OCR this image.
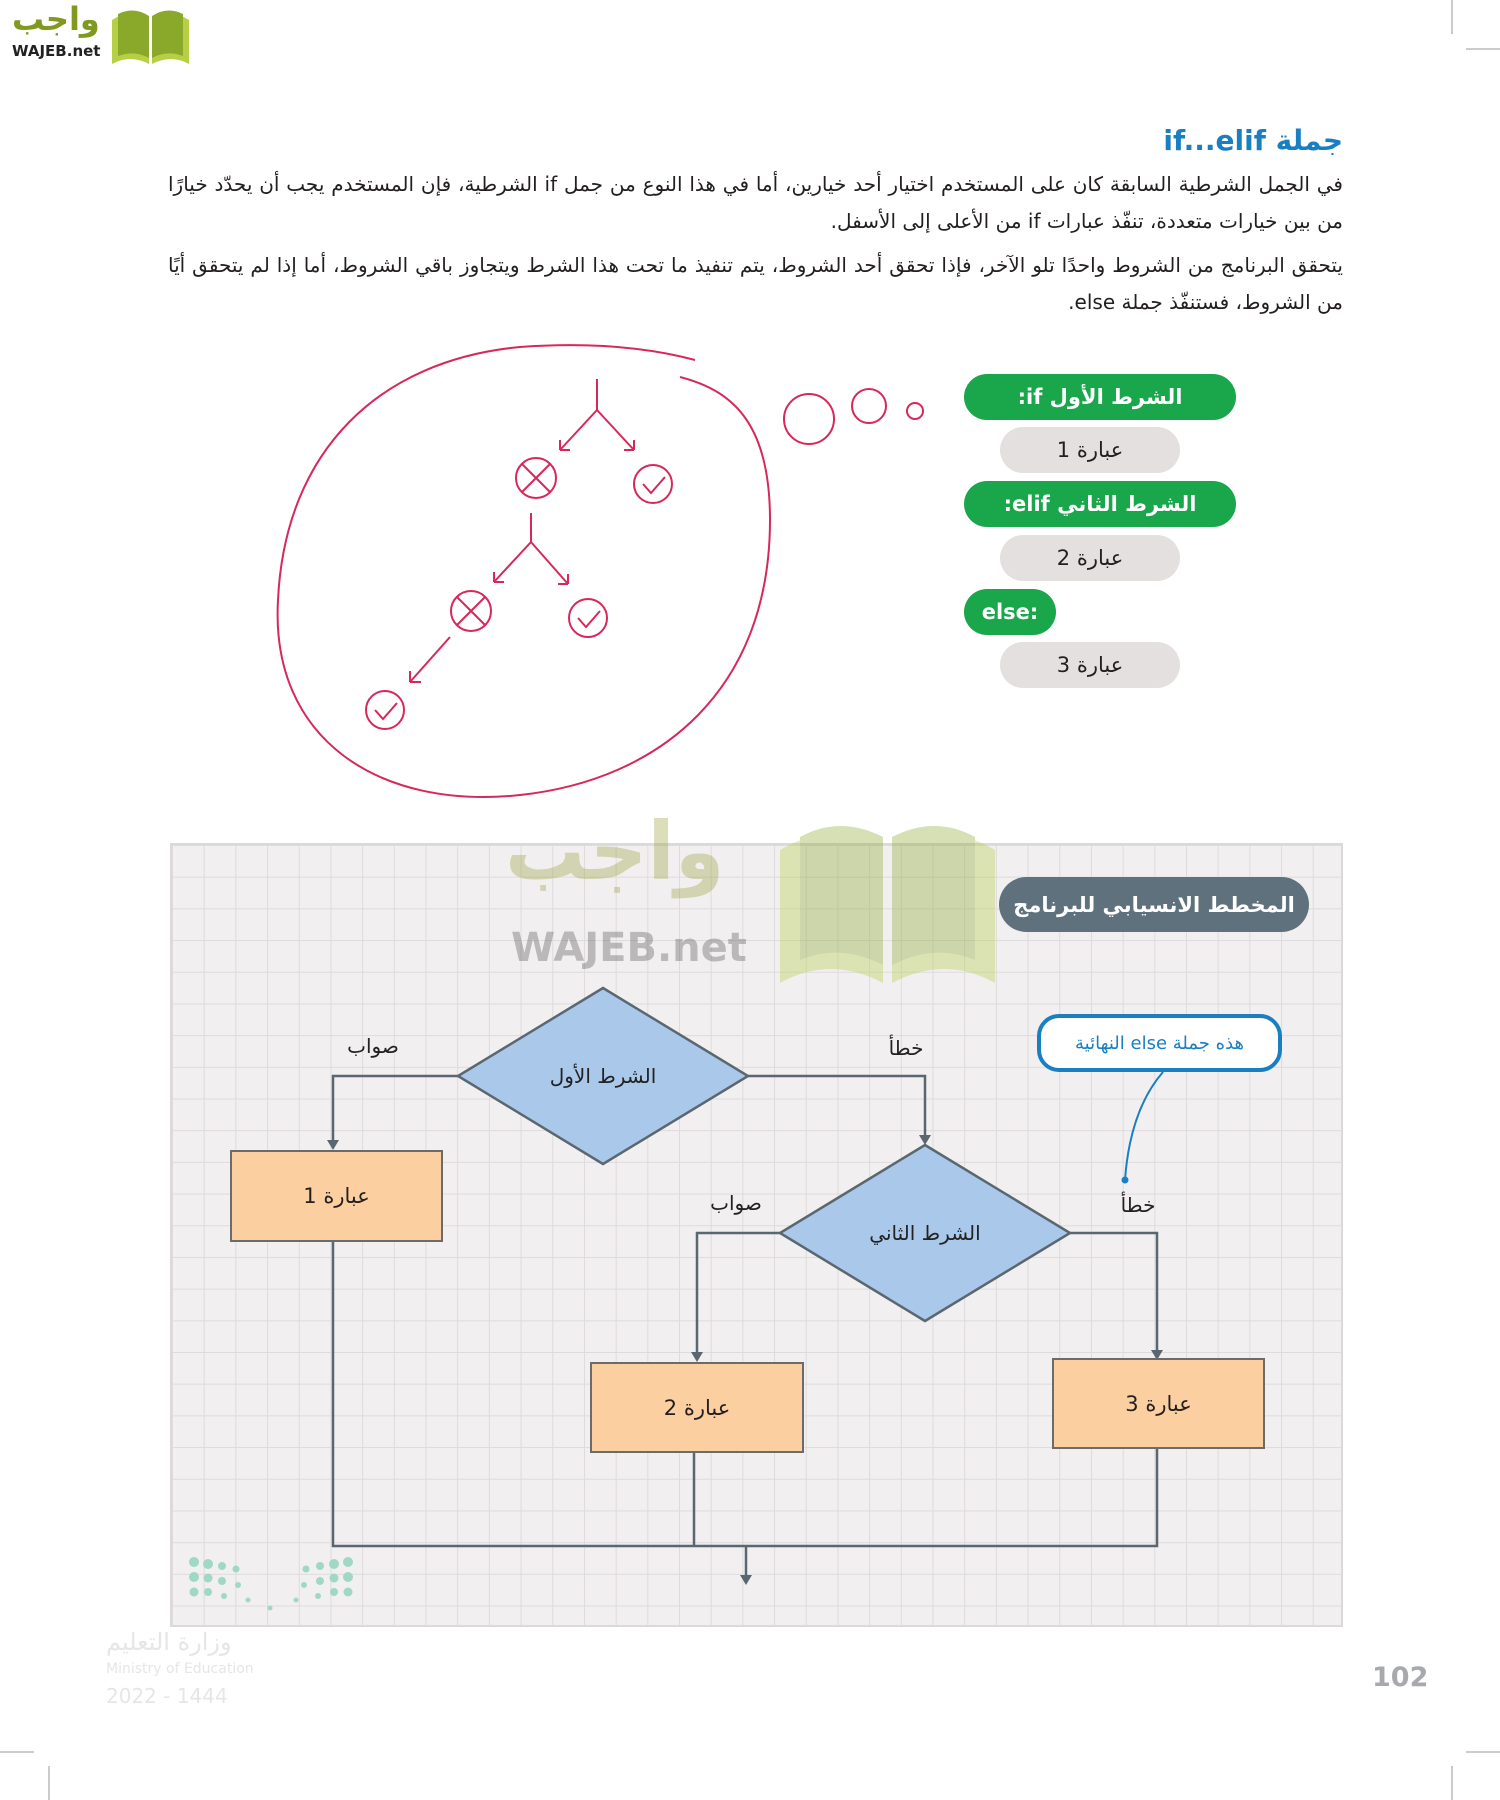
واجب
WAJEB.net
جملة if...elif
في الجمل الشرطية السابقة كان على المستخدم اختيار أحد خيارين، أما في هذا النوع من جمل if الشرطية، فإن المستخدم يجب أن يحدّد خيارًا من بين خيارات متعددة، تنفّذ عبارات if من الأعلى إلى الأسفل.
يتحقق البرنامج من الشروط واحدًا تلو الآخر، فإذا تحقق أحد الشروط، يتم تنفيذ ما تحت هذا الشرط ويتجاوز باقي الشروط، أما إذا لم يتحقق أيًا من الشروط، فستنفّذ جملة else.
الشرط الأول if:
عبارة 1
الشرط الثاني elif:
عبارة 2
else:
عبارة 3
واجب
WAJEB.net
المخطط الانسيابي للبرنامج
الشرط الأول
الشرط الثاني
صواب	خطأ
صواب	خطأ
عبارة 1
عبارة 2	عبارة 3
هذه جملة else النهائية
وزارة التعليم
Ministry of Education
2022 - 1444
102
